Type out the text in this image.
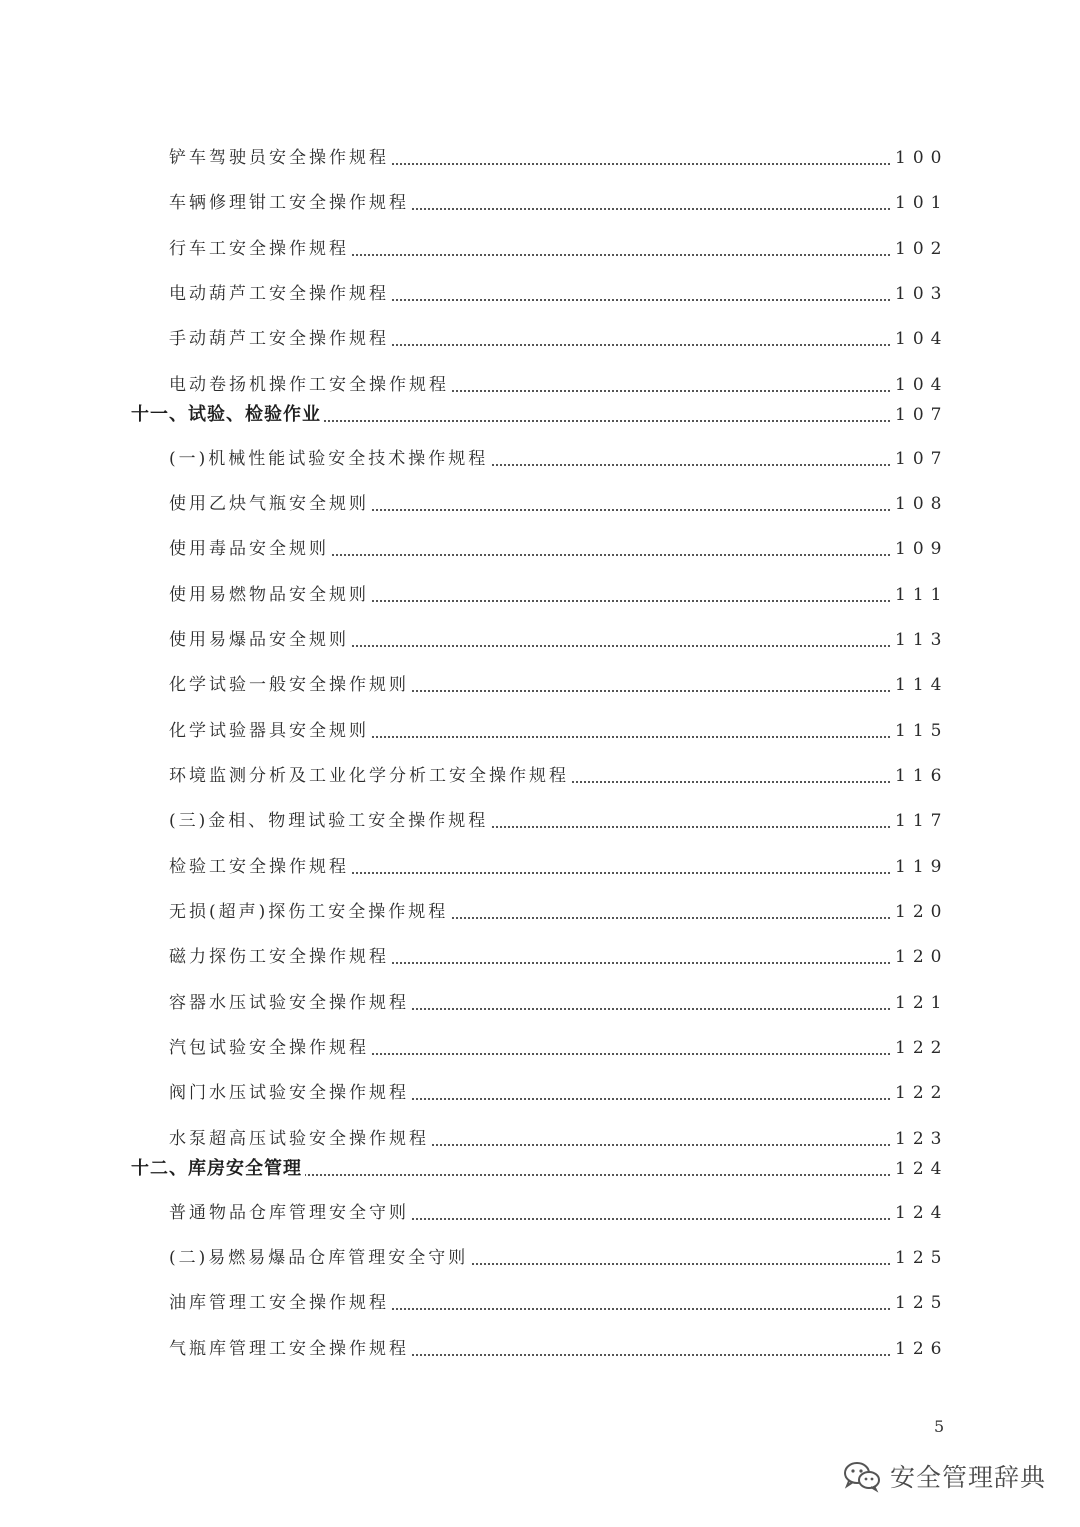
铲车驾驶员安全操作规程	100
车辆修理钳工安全操作规程	101
行车工安全操作规程	102
电动葫芦工安全操作规程	103
手动葫芦工安全操作规程	104
电动卷扬机操作工安全操作规程	104
十一、试验、检验作业	107
(一)机械性能试验安全技术操作规程	107
使用乙炔气瓶安全规则	108
使用毒品安全规则	109
使用易燃物品安全规则	111
使用易爆品安全规则	113
化学试验一般安全操作规则	114
化学试验器具安全规则	115
环境监测分析及工业化学分析工安全操作规程	116
(三)金相、物理试验工安全操作规程	117
检验工安全操作规程	119
无损(超声)探伤工安全操作规程	120
磁力探伤工安全操作规程	120
容器水压试验安全操作规程	121
汽包试验安全操作规程	122
阀门水压试验安全操作规程	122
水泵超高压试验安全操作规程	123
十二、库房安全管理	124
普通物品仓库管理安全守则	124
(二)易燃易爆品仓库管理安全守则	125
油库管理工安全操作规程	125
气瓶库管理工安全操作规程	126
5
安全管理辞典
